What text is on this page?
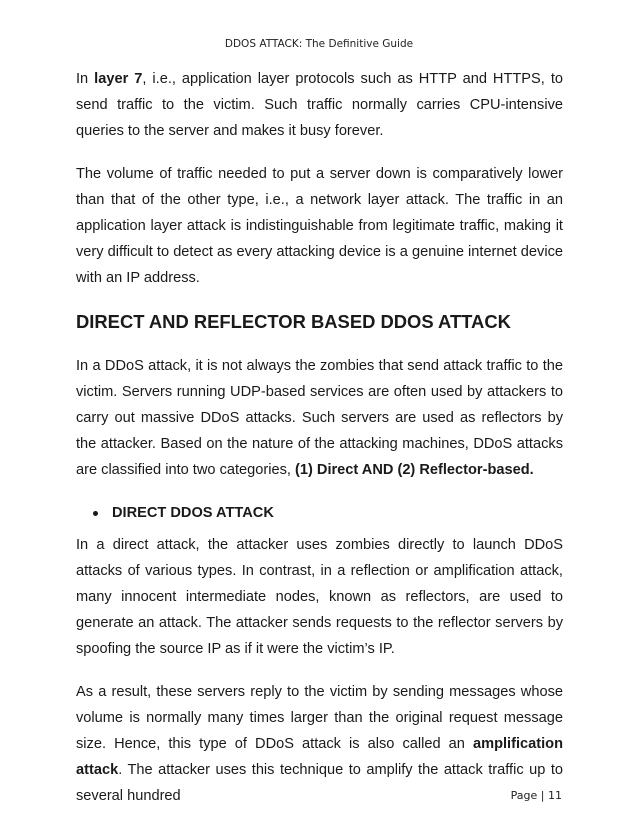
DDOS ATTACK: The Definitive Guide

In layer 7, i.e., application layer protocols such as HTTP and HTTPS, to send traffic to the victim. Such traffic normally carries CPU-intensive queries to the server and makes it busy forever.

The volume of traffic needed to put a server down is comparatively lower than that of the other type, i.e., a network layer attack. The traffic in an application layer attack is indistinguishable from legitimate traffic, making it very difficult to detect as every attacking device is a genuine internet device with an IP address.

DIRECT AND REFLECTOR BASED DDOS ATTACK

In a DDoS attack, it is not always the zombies that send attack traffic to the victim. Servers running UDP-based services are often used by attackers to carry out massive DDoS attacks. Such servers are used as reflectors by the attacker. Based on the nature of the attacking machines, DDoS attacks are classified into two categories, (1) Direct AND (2) Reflector-based.

DIRECT DDOS ATTACK

In a direct attack, the attacker uses zombies directly to launch DDoS attacks of various types. In contrast, in a reflection or amplification attack, many innocent intermediate nodes, known as reflectors, are used to generate an attack. The attacker sends requests to the reflector servers by spoofing the source IP as if it were the victim’s IP.

As a result, these servers reply to the victim by sending messages whose volume is normally many times larger than the original request message size. Hence, this type of DDoS attack is also called an amplification attack. The attacker uses this technique to amplify the attack traffic up to several hundred	Page | 11
